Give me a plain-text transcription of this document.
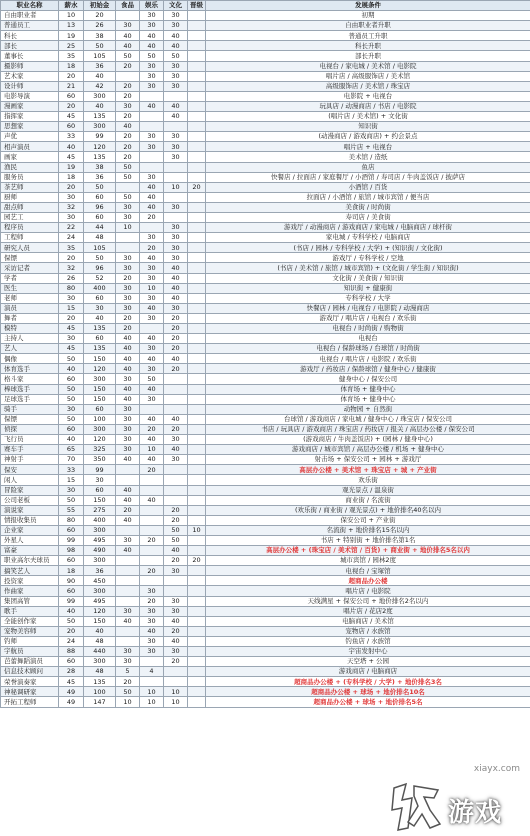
职业名称	薪水	初始金	食品	娱乐	文化	晋级	发展条件
自由职业者	10	20		30	30		初期
普通员工	13	26	30	30	30		自由职业者升职
科长	19	38	40	40	40		普通员工升职
部长	25	50	40	40	40		科长升职
董事长	35	105	50	50	50		部长升职
摄影师	18	36	20	30	30		电视台 / 家电城 / 美术馆 / 电影院
艺术家	20	40		30	30		唱片店 / 高级服饰店 / 美术馆
设计师	21	42	20	30	30		高级服饰店 / 美术馆 / 珠宝店
电影导演	60	300	20				电影院 + 电视台
漫画家	20	40	30	40	40		玩具店 / 动漫商店 / 书店 / 电影院
指挥家	45	135	20		40		(唱片店 / 美术馆) + 文化街
思想家	60	300	40				知识街
声优	33	99	20	30	30		(动漫商店 / 游戏商店) + 约会景点
相声演员	40	120	20	30	30		唱片店 + 电视台
画家	45	135	20		30		美术馆 / 造纸
渔民	19	38	50				鱼店
服务员	18	36	50	30			快餐店 / 拉面店 / 家庭餐厅 / 小酒馆 / 寿司店 / 牛肉盖饭店 / 披萨店
茶艺师	20	50		40	10	20	小酒馆 / 百货
厨师	30	60	50	40			拉面店 / 小酒馆 / 旅馆 / 城市宾馆 / 便当店
甜点师	32	96	30	40	30		美食街 / 时尚街
园艺工	30	60	30	20			寿司店 / 美食街
程序员	22	44	10		30		游戏厅 / 动漫商店 / 游戏商店 / 家电城 / 电脑商店 / 球杆街
工程师	24	48		30	30		家电城 / 专科学校 / 电脑商店
研究人员	35	105		20	30		(书店 / 园林 / 专科学校 / 大学) + (知识街 / 文化街)
保镖	20	50	30	40	30		游戏厅 / 专科学校 / 空地
采访记者	32	96	30	30	40		(书店 / 美术馆 / 旅馆 / 城市宾馆) + (文化街 / 学生街 / 知识街)
学者	26	52	20	30	40		文化街 / 美食街 / 知识街
医生	80	400	30	10	40		知识街 + 健康街
老师	30	60	30	30	40		专科学校 / 大学
演员	15	30	30	40	30		快餐店 / 园林 / 电视台 / 电影院 / 动漫商店
舞者	20	40	20	30	20		游戏厅 / 唱片店 / 电视台 / 欢乐街
模特	45	135	20		20		电视台 / 时尚街 / 购物街
主持人	30	60	40	40	20		电视台
艺人	45	135	40	30	20		电视台 / 保龄球场 / 台球馆 / 时尚街
偶像	50	150	40	40	40		电视台 / 唱片店 / 电影院 / 欢乐街
体育选手	40	120	40	30	20		游戏厅 / 药妆店 / 保龄球馆 / 健身中心 / 健康街
格斗家	60	300	30	50			健身中心 / 保安公司
棒球选手	50	150	40	40			体育场 + 健身中心
足球选手	50	150	40	30			体育场 + 健身中心
骑手	30	60	30				动物园 + 自然街
保镖	50	100	30	40	40		台球馆 / 游戏商店 / 家电城 / 健身中心 / 珠宝店 / 保安公司
侦探	60	300	30	20	20		书店 / 玩具店 / 游戏商店 / 珠宝店 / 药妆店 / 报关 / 高层办公楼 / 保安公司
飞行员	40	120	30	40	30		(游戏商店 / 牛肉盖饭店) + (园林 / 健身中心)
赛车手	65	325	30	10	40		游戏商店 / 城市宾馆 / 高层办公楼 / 机场 + 健身中心
神射手	70	350	40	40	30		射击场 + 保安公司 + 园林 + 游戏厅
保安	33	99		20			高层办公楼 + 美术馆 + 珠宝店 + 城 + 产业街
闲人	15	30					欢乐街
冒险家	30	60	40				观光景点 / 温泉街
公司老板	50	150	40	40			商业街 / 名流街
演说家	55	275	20		20		(欢乐街 / 商业街 / 观光景点) + 地价排名40名以内
情报收集员	80	400	40		20		保安公司 + 产业街
企业家	60	300			50	10	名流街 + 地价排名15名以内
外星人	99	495	30	20	50		书店 + 特别街 + 地价排名第1名
富豪	98	490	40		40		高层办公楼 + (珠宝店 / 美术馆 / 百货) + 商业街 + 地价排名5名以内
职业高尔夫球员	60	300			20	20	城市宾馆 / 园林2度
搞笑艺人	18	36		20	30		电视台 / 宝塚馆
投资家	90	450					超商品办公楼
作曲家	60	300		30			唱片店 / 电影院
集团高管	99	495		20	30		天线满星 + 保安公司 + 地价排名2名以内
歌手	40	120	30	30	30		唱片店 / 花店2度
全能创作家	50	150	40	30	40		电脑商店 / 美术馆
宠物美容师	20	40		40	20		宠物店 / 水族馆
钓师	24	48		30	40		钓鱼店 / 水族馆
宇航员	88	440	30	30	30		宇宙发射中心
芭蕾舞蹈演员	60	300	30		20		天空塔 + 公园
信息技术顾问	28	48	5	4			游戏商店 / 电脑商店
荣誉演奏家	45	135	20				超商品办公楼 + (专科学校 / 大学) + 地价排名3名
神秘调研家	49	100	50	10	10		超商品办公楼 + 球场 + 地价排名10名
开拓工程师	49	147	10	10	10		超商品办公楼 + 球场 + 地价排名5名
xiayx.com
游戏
